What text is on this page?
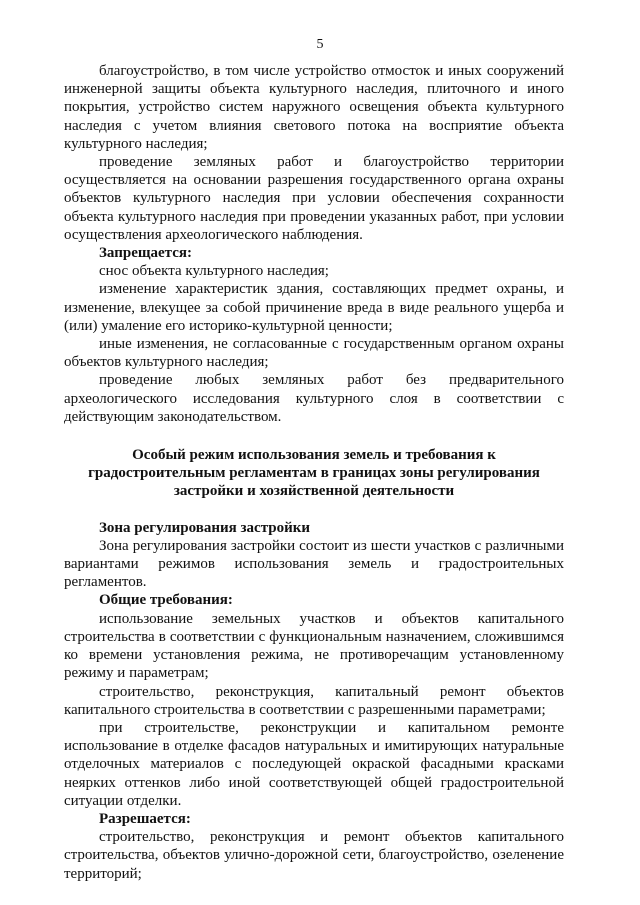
5

благоустройство, в том числе устройство отмосток и иных сооружений инженерной защиты объекта культурного наследия, плиточного и иного покрытия, устройство систем наружного освещения объекта культурного наследия с учетом влияния светового потока на восприятие объекта культурного наследия;

проведение земляных работ и благоустройство территории осуществляется на основании разрешения государственного органа охраны объектов культурного наследия при условии обеспечения сохранности объекта культурного наследия при проведении указанных работ, при условии осуществления археологического наблюдения.

Запрещается:

снос объекта культурного наследия;

изменение характеристик здания, составляющих предмет охраны, и изменение, влекущее за собой причинение вреда в виде реального ущерба и (или) умаление его историко-культурной ценности;

иные изменения, не согласованные с государственным органом охраны объектов культурного наследия;

проведение любых земляных работ без предварительного археологического исследования культурного слоя в соответствии с действующим законодательством.

Особый режим использования земель и требования к градостроительным регламентам в границах зоны регулирования застройки и хозяйственной деятельности

Зона регулирования застройки

Зона регулирования застройки состоит из шести участков с различными вариантами режимов использования земель и градостроительных регламентов.

Общие требования:

использование земельных участков и объектов капитального строительства в соответствии с функциональным назначением, сложившимся ко времени установления режима, не противоречащим установленному режиму и параметрам;

строительство, реконструкция, капитальный ремонт объектов капитального строительства в соответствии с разрешенными параметрами;

при строительстве, реконструкции и капитальном ремонте использование в отделке фасадов натуральных и имитирующих натуральные отделочных материалов с последующей окраской фасадными красками неярких оттенков либо иной соответствующей общей градостроительной ситуации отделки.

Разрешается:

строительство, реконструкция и ремонт объектов капитального строительства, объектов улично-дорожной сети, благоустройство, озеленение территорий;
